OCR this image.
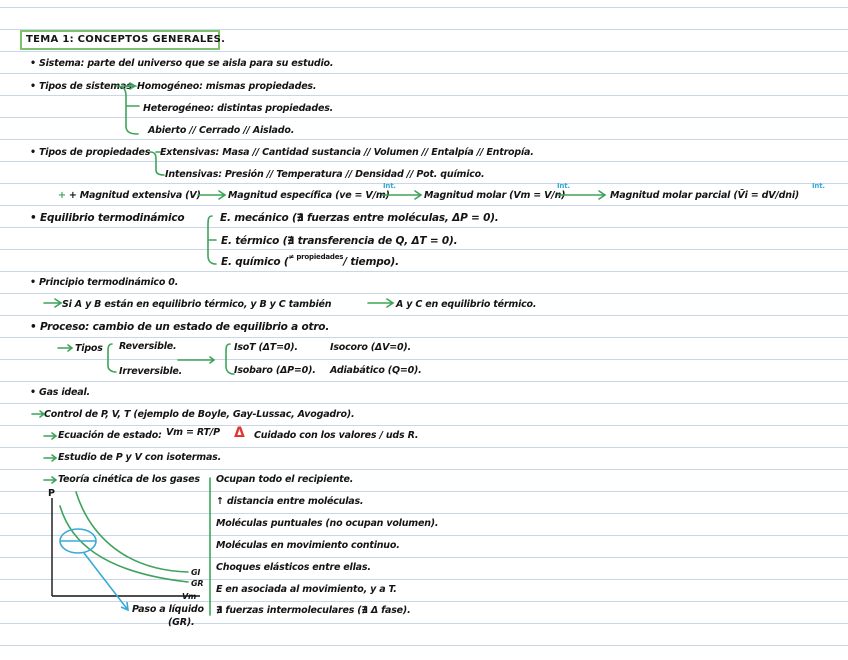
TEMA 1: CONCEPTOS GENERALES.
• Sistema: parte del universo que se aisla para su estudio.
• Tipos de sistemas Homogéneo: mismas propiedades.
Heterogéneo: distintas propiedades.
Abierto // Cerrado // Aislado.
• Tipos de propiedades Extensivas: Masa // Cantidad sustancia // Volumen // Entalpía // Entropía.
Intensivas: Presión // Temperatura // Densidad // Pot. químico.
+ + Magnitud extensiva (V)	Magnitud específica (ve = V/m)
Int.
Magnitud molar (Vm = V/n)
Int.
Magnitud molar parcial (V̄i = dV/dni)
Int.
• Equilibrio termodinámico	E. mecánico (∄ fuerzas entre moléculas, ΔP = 0).
E. térmico (∄ transferencia de Q, ΔT = 0).
E. químico ($^{\ne propiedades}$/ tiempo).
• Principio termodinámico 0.
Si A y B están en equilibrio térmico, y B y C también	A y C en equilibrio térmico.
• Proceso: cambio de un estado de equilibrio a otro.
Tipos Reversible.
Irreversible.
IsoT (ΔT=0).	Isocoro (ΔV=0).
Isobaro (ΔP=0). Adiabático (Q=0).
• Gas ideal.
Control de P, V, T (ejemplo de Boyle, Gay-Lussac, Avogadro).
Ecuación de estado: Vm = RT/P Δ Cuidado con los valores / uds R.
Estudio de P y V con isotermas.
Teoría cinética de los gases Ocupan todo el recipiente.
↑ distancia entre moléculas.
Moléculas puntuales (no ocupan volumen).
Moléculas en movimiento continuo.
Choques elásticos entre ellas.
E en asociada al movimiento, y a T.
∄ fuerzas intermoleculares (∄ Δ fase).
P
Vm
GI
GR
Paso a líquido
(GR).
